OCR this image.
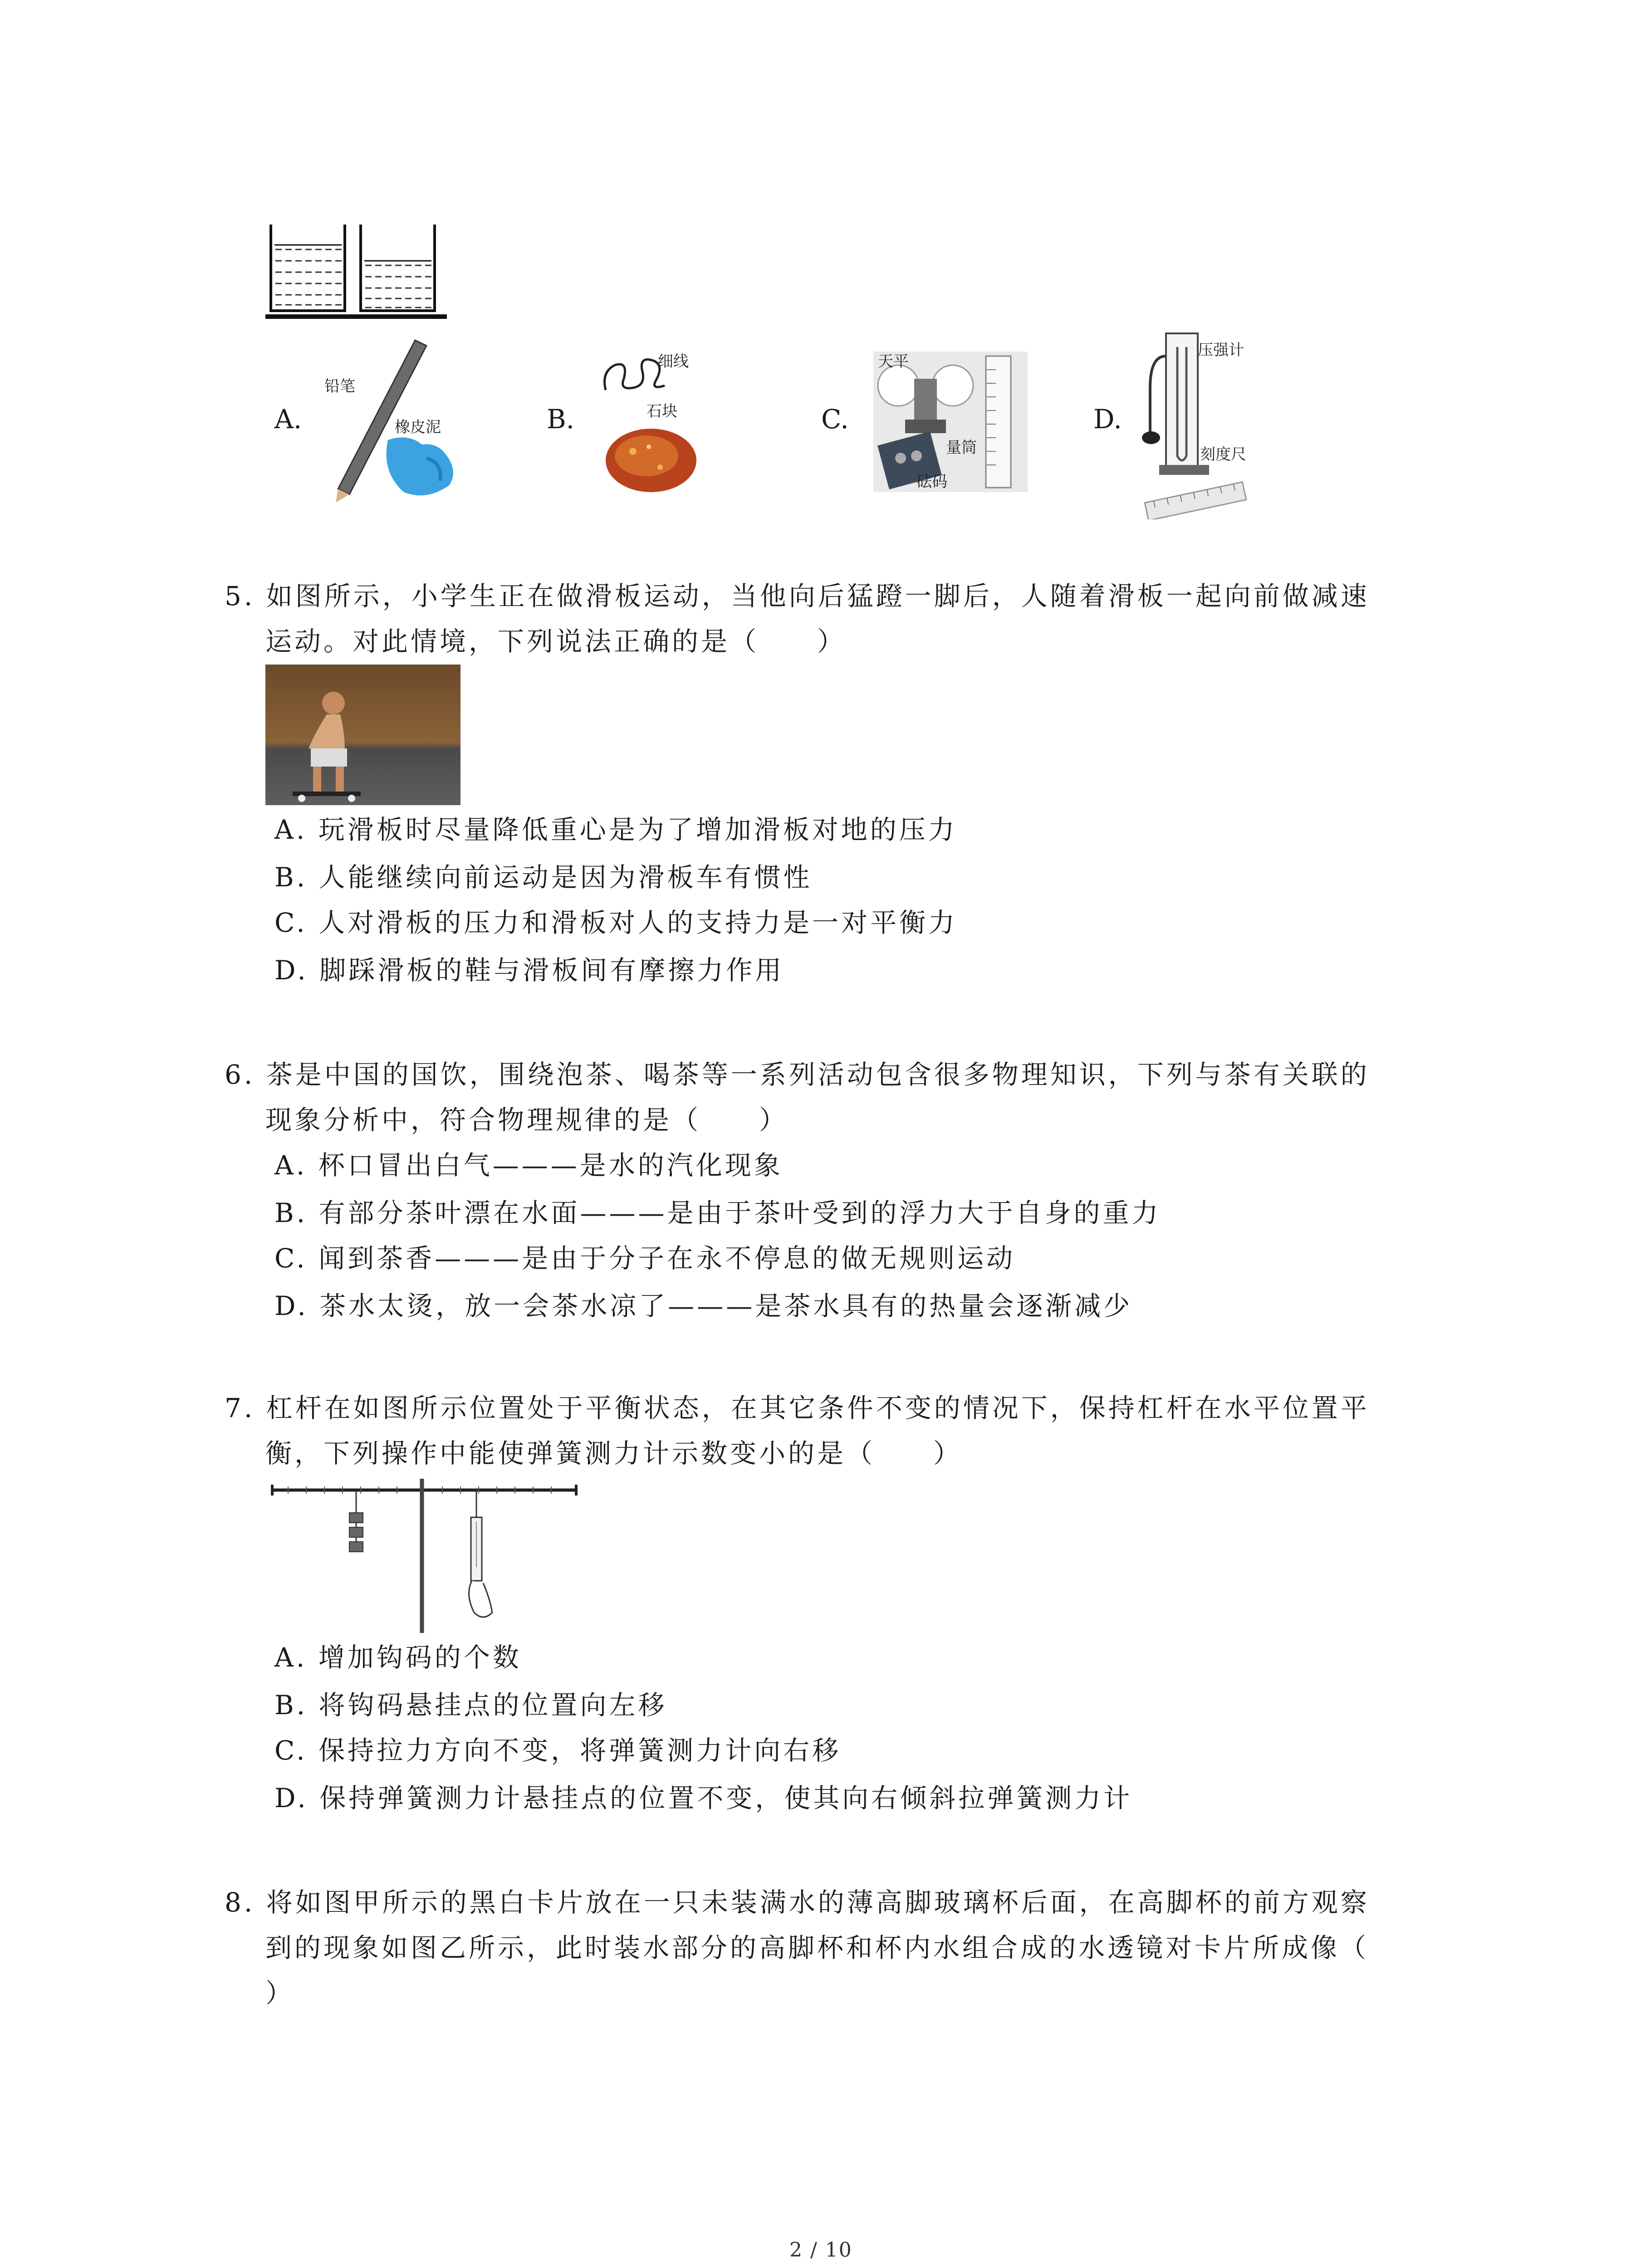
A.
铅笔
橡皮泥	B.
细线
石块	C.
天平
量筒
砝码
D.
压强计
刻度尺
5. 如图所示，小学生正在做滑板运动，当他向后猛蹬一脚后，人随着滑板一起向前做减速
运动。对此情境，下列说法正确的是（　　）
A. 玩滑板时尽量降低重心是为了增加滑板对地的压力
B. 人能继续向前运动是因为滑板车有惯性
C. 人对滑板的压力和滑板对人的支持力是一对平衡力
D. 脚踩滑板的鞋与滑板间有摩擦力作用
6. 茶是中国的国饮，围绕泡茶、喝茶等一系列活动包含很多物理知识，下列与茶有关联的
现象分析中，符合物理规律的是（　　）
A. 杯口冒出白气———是水的汽化现象
B. 有部分茶叶漂在水面———是由于茶叶受到的浮力大于自身的重力
C. 闻到茶香———是由于分子在永不停息的做无规则运动
D. 茶水太烫，放一会茶水凉了———是茶水具有的热量会逐渐减少
7. 杠杆在如图所示位置处于平衡状态，在其它条件不变的情况下，保持杠杆在水平位置平
衡，下列操作中能使弹簧测力计示数变小的是（　　）
A. 增加钩码的个数
B. 将钩码悬挂点的位置向左移
C. 保持拉力方向不变，将弹簧测力计向右移
D. 保持弹簧测力计悬挂点的位置不变，使其向右倾斜拉弹簧测力计
8. 将如图甲所示的黑白卡片放在一只未装满水的薄高脚玻璃杯后面，在高脚杯的前方观察
到的现象如图乙所示，此时装水部分的高脚杯和杯内水组合成的水透镜对卡片所成像（
）
2 / 10
